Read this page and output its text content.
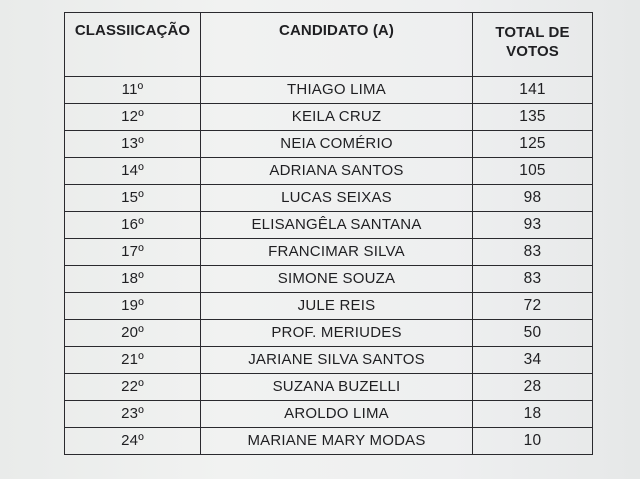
CLASSIICAÇÃO	CANDIDATO (A)	TOTAL DE
VOTOS

11º	THIAGO LIMA	141
12º	KEILA CRUZ	135
13º	NEIA COMÉRIO	125
14º	ADRIANA SANTOS	105
15º	LUCAS SEIXAS	98
16º	ELISANGÊLA SANTANA	93
17º	FRANCIMAR SILVA	83
18º	SIMONE SOUZA	83
19º	JULE REIS	72
20º	PROF. MERIUDES	50
21º	JARIANE SILVA SANTOS	34
22º	SUZANA BUZELLI	28
23º	AROLDO LIMA	18
24º	MARIANE MARY MODAS	10
